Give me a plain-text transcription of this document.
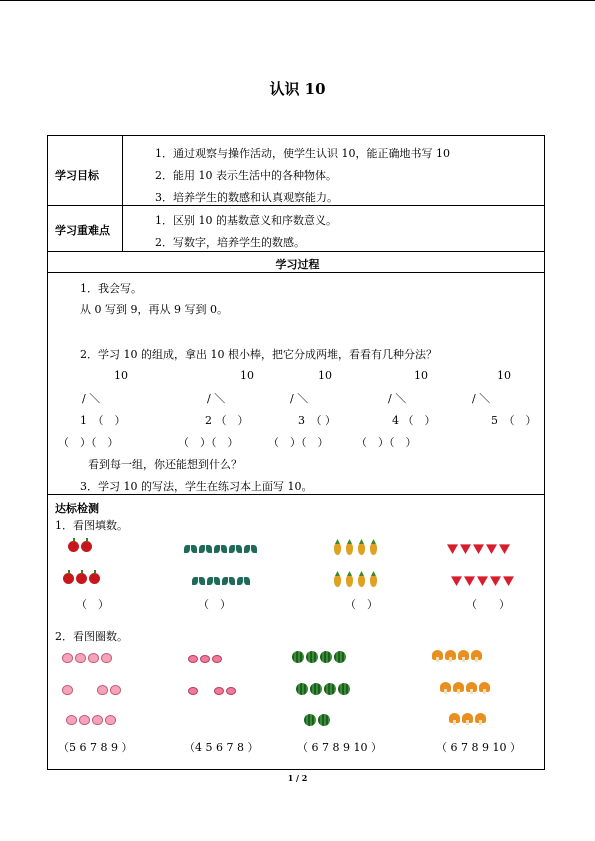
认识 10
学习目标
1．通过观察与操作活动，使学生认识 10，能正确地书写 10
2．能用 10 表示生活中的各种物体。
3．培养学生的数感和认真观察能力。
学习重难点
1．区别 10 的基数意义和序数意义。
2．写数字，培养学生的数感。
学习过程
1．我会写。
从 0 写到 9，再从 9 写到 0。
2．学习 10 的组成，拿出 10 根小棒，把它分成两堆，看看有几种分法？
10	10	10	10	10
/ ＼	/ ＼	/ ＼	/ ＼	/ ＼
1　（　）	2 （　）	3　（ ）	4 （　）	5　（　）
（　）（　）	（　）（　）	（　）（　）	（　）（　）
看到每一组，你还能想到什么？
3．学习 10 的写法，学生在练习本上面写 10。
达标检测
1．看图填数。
（　）	（　）	（　）	（　　）
2．看图圈数。
（5 6 7 8 9 ）	（4 5 6 7 8 ）	（ 6 7 8 9 10 ）	（ 6 7 8 9 10 ）
1 / 2
